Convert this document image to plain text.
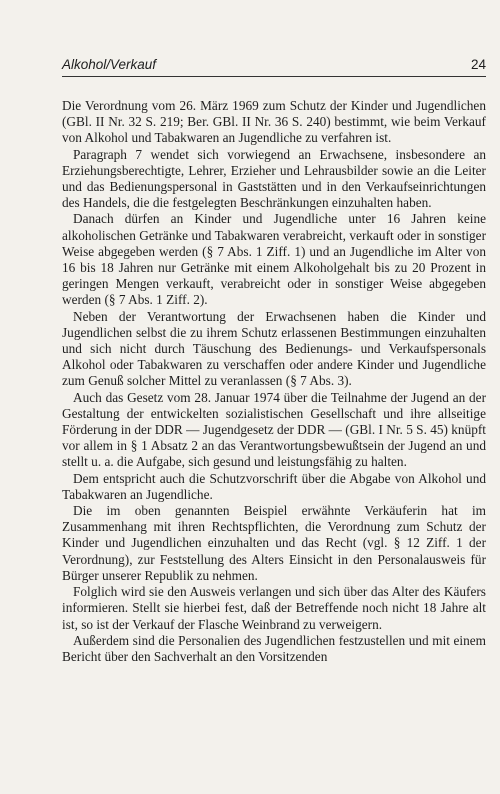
Alkohol/Verkauf	24

Die Verordnung vom 26. März 1969 zum Schutz der Kinder und Jugendlichen (GBl. II Nr. 32 S. 219; Ber. GBl. II Nr. 36 S. 240) bestimmt, wie beim Verkauf von Alkohol und Tabakwaren an Jugendliche zu verfahren ist.

Paragraph 7 wendet sich vorwiegend an Erwachsene, insbesondere an Erziehungsberechtigte, Lehrer, Erzieher und Lehrausbilder sowie an die Leiter und das Bedienungspersonal in Gaststätten und in den Verkaufseinrichtungen des Handels, die die festgelegten Beschränkungen einzuhalten haben.

Danach dürfen an Kinder und Jugendliche unter 16 Jahren keine alkoholischen Getränke und Tabakwaren verabreicht, verkauft oder in sonstiger Weise abgegeben werden (§ 7 Abs. 1 Ziff. 1) und an Jugendliche im Alter von 16 bis 18 Jahren nur Getränke mit einem Alkoholgehalt bis zu 20 Prozent in geringen Mengen verkauft, verabreicht oder in sonstiger Weise abgegeben werden (§ 7 Abs. 1 Ziff. 2).

Neben der Verantwortung der Erwachsenen haben die Kinder und Jugendlichen selbst die zu ihrem Schutz erlassenen Bestimmungen einzuhalten und sich nicht durch Täuschung des Bedienungs- und Verkaufspersonals Alkohol oder Tabakwaren zu verschaffen oder andere Kinder und Jugendliche zum Genuß solcher Mittel zu veranlassen (§ 7 Abs. 3).

Auch das Gesetz vom 28. Januar 1974 über die Teilnahme der Jugend an der Gestaltung der entwickelten sozialistischen Gesellschaft und ihre allseitige Förderung in der DDR — Jugendgesetz der DDR — (GBl. I Nr. 5 S. 45) knüpft vor allem in § 1 Absatz 2 an das Verantwortungsbewußtsein der Jugend an und stellt u. a. die Aufgabe, sich gesund und leistungsfähig zu halten.

Dem entspricht auch die Schutzvorschrift über die Abgabe von Alkohol und Tabakwaren an Jugendliche.

Die im oben genannten Beispiel erwähnte Verkäuferin hat im Zusammenhang mit ihren Rechtspflichten, die Verordnung zum Schutz der Kinder und Jugendlichen einzuhalten und das Recht (vgl. § 12 Ziff. 1 der Verordnung), zur Feststellung des Alters Einsicht in den Personalausweis für Bürger unserer Republik zu nehmen.

Folglich wird sie den Ausweis verlangen und sich über das Alter des Käufers informieren. Stellt sie hierbei fest, daß der Betreffende noch nicht 18 Jahre alt ist, so ist der Verkauf der Flasche Weinbrand zu verweigern.

Außerdem sind die Personalien des Jugendlichen festzustellen und mit einem Bericht über den Sachverhalt an den Vorsitzenden
